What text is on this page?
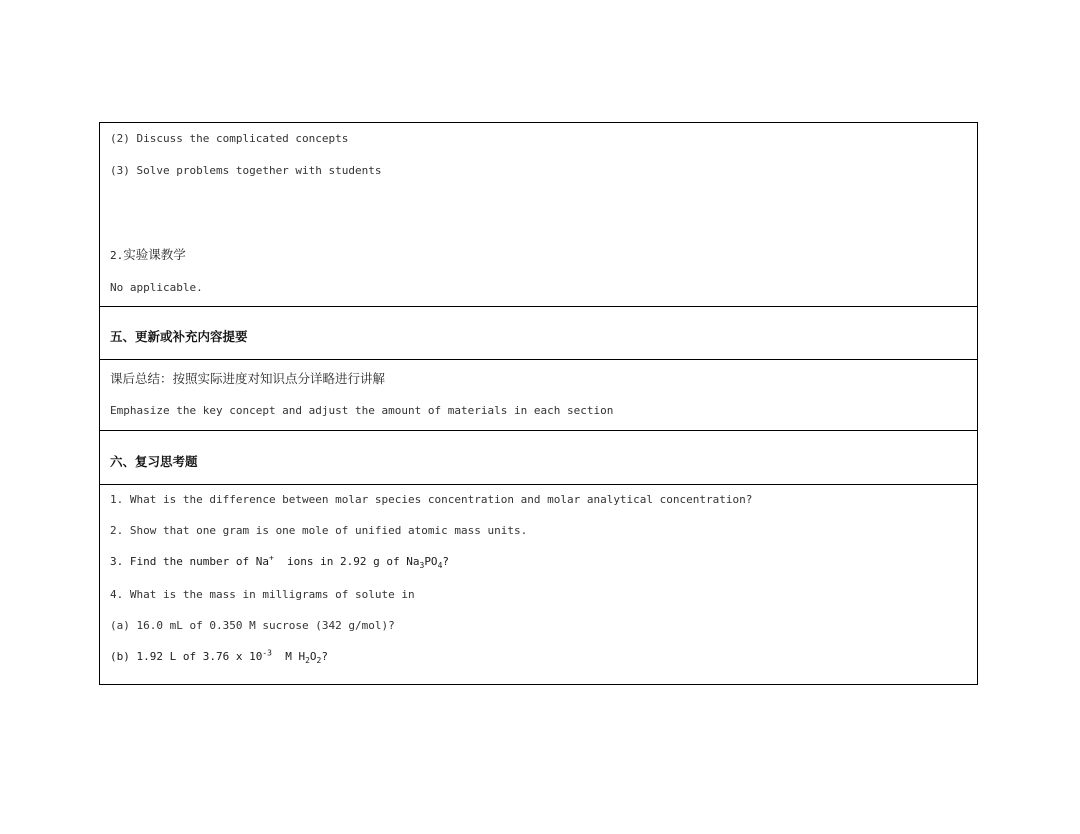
(2) Discuss the complicated concepts
(3) Solve problems together with students
2.实验课教学
No applicable.
五、更新或补充内容提要
课后总结：按照实际进度对知识点分详略进行讲解
Emphasize the key concept and adjust the amount of materials in each section
六、复习思考题
1. What is the difference between molar species concentration and molar analytical concentration?
2. Show that one gram is one mole of unified atomic mass units.
3. Find the number of Na+  ions in 2.92 g of $Na_3PO_4$?
4. What is the mass in milligrams of solute in
(a) 16.0 mL of 0.350 M sucrose (342 g/mol)?
(b) 1.92 L of 3.76 x $10^{-3}$  M $H_2O_2$?
